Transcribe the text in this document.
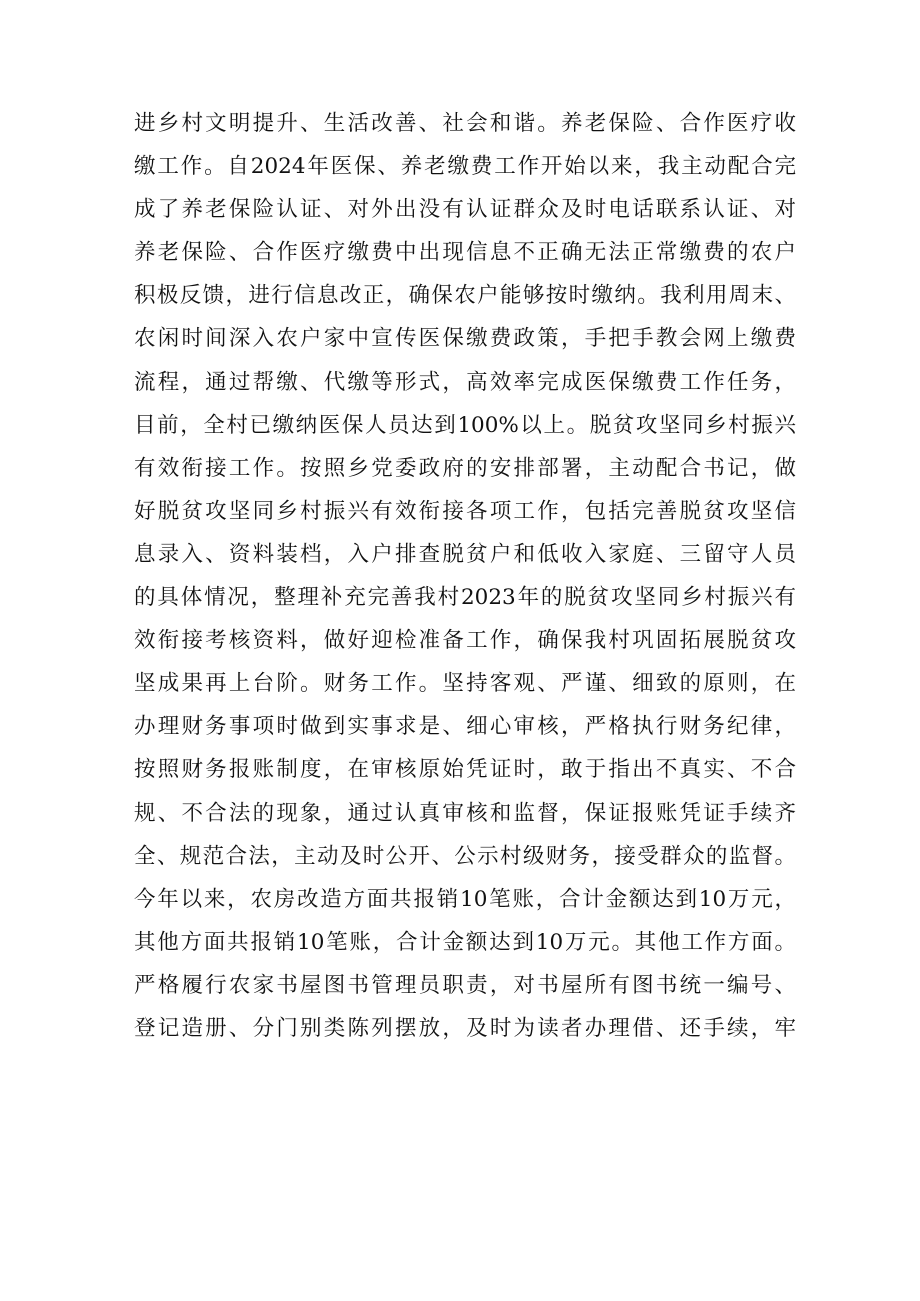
进乡村文明提升、生活改善、社会和谐。养老保险、合作医疗收
缴工作。自2024年医保、养老缴费工作开始以来，我主动配合完
成了养老保险认证、对外出没有认证群众及时电话联系认证、对
养老保险、合作医疗缴费中出现信息不正确无法正常缴费的农户
积极反馈，进行信息改正，确保农户能够按时缴纳。我利用周末、
农闲时间深入农户家中宣传医保缴费政策，手把手教会网上缴费
流程，通过帮缴、代缴等形式，高效率完成医保缴费工作任务，
目前，全村已缴纳医保人员达到100%以上。脱贫攻坚同乡村振兴
有效衔接工作。按照乡党委政府的安排部署，主动配合书记，做
好脱贫攻坚同乡村振兴有效衔接各项工作，包括完善脱贫攻坚信
息录入、资料装档，入户排查脱贫户和低收入家庭、三留守人员
的具体情况，整理补充完善我村2023年的脱贫攻坚同乡村振兴有
效衔接考核资料，做好迎检准备工作，确保我村巩固拓展脱贫攻
坚成果再上台阶。财务工作。坚持客观、严谨、细致的原则，在
办理财务事项时做到实事求是、细心审核，严格执行财务纪律，
按照财务报账制度，在审核原始凭证时，敢于指出不真实、不合
规、不合法的现象，通过认真审核和监督，保证报账凭证手续齐
全、规范合法，主动及时公开、公示村级财务，接受群众的监督。
今年以来，农房改造方面共报销10笔账，合计金额达到10万元，
其他方面共报销10笔账，合计金额达到10万元。其他工作方面。
严格履行农家书屋图书管理员职责，对书屋所有图书统一编号、
登记造册、分门别类陈列摆放，及时为读者办理借、还手续，牢
